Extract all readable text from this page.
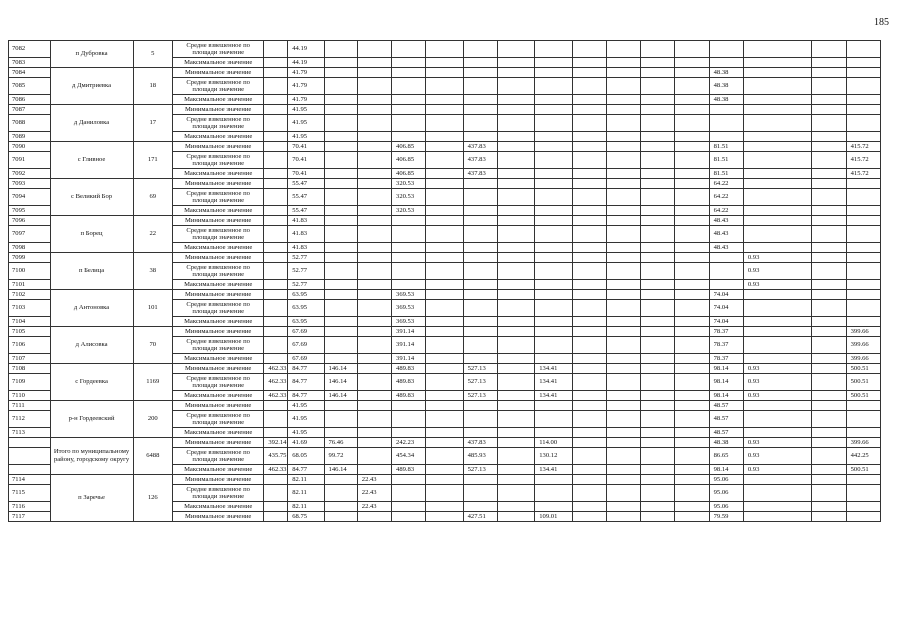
185
7082	п Дубровка	5	Средне взвешенное по площади значение		44.19															
7083			Максимальное значение		44.19															
7084	д Дмитриевка	18	Минимальное значение		41.79												48.38			
7085			Средне взвешенное по площади значение		41.79												48.38			
7086			Максимальное значение		41.79												48.38			
7087	д Даниловка	17	Минимальное значение		41.95															
7088			Средне взвешенное по площади значение		41.95															
7089			Максимальное значение		41.95															
7090	с Гливное	171	Минимальное значение		70.41			406.85		437.83							81.51			415.72
7091			Средне взвешенное по площади значение		70.41			406.85		437.83							81.51			415.72
7092			Максимальное значение		70.41			406.85		437.83							81.51			415.72
7093	с Великий Бор	69	Минимальное значение		55.47			320.53									64.22			
7094			Средне взвешенное по площади значение		55.47			320.53									64.22			
7095			Максимальное значение		55.47			320.53									64.22			
7096	п Борец	22	Минимальное значение		41.83												48.43			
7097			Средне взвешенное по площади значение		41.83												48.43			
7098			Максимальное значение		41.83												48.43			
7099	п Белица	38	Минимальное значение		52.77													0.93		
7100			Средне взвешенное по площади значение		52.77													0.93		
7101			Максимальное значение		52.77													0.93		
7102	д Антоновка	101	Минимальное значение		63.95			369.53									74.04			
7103			Средне взвешенное по площади значение		63.95			369.53									74.04			
7104			Максимальное значение		63.95			369.53									74.04			
7105	д Алисовка	70	Минимальное значение		67.69			391.14									78.37			399.66
7106			Средне взвешенное по площади значение		67.69			391.14									78.37			399.66
7107			Максимальное значение		67.69			391.14									78.37			399.66
7108	с Гордеевка	1169	Минимальное значение	462.33	84.77	146.14		489.83		527.13		134.41					98.14	0.93		500.51
7109			Средне взвешенное по площади значение	462.33	84.77	146.14		489.83		527.13		134.41					98.14	0.93		500.51
7110			Максимальное значение	462.33	84.77	146.14		489.83		527.13		134.41					98.14	0.93		500.51
7111	р-н Гордеевский	200	Минимальное значение		41.95												48.57			
7112			Средне взвешенное по площади значение		41.95												48.57			
7113			Максимальное значение		41.95												48.57			
	Итого по муниципальному району, городскому округу	6488	Минимальное значение	392.14	41.69	76.46		242.23		437.83		114.00					48.38	0.93		399.66
			Средне взвешенное по площади значение	435.75	68.05	99.72		454.34		485.93		130.12					86.65	0.93		442.25
			Максимальное значение	462.33	84.77	146.14		489.83		527.13		134.41					98.14	0.93		500.51
7114	п Заречье	126	Минимальное значение		82.11		22.43										95.06			
7115			Средне взвешенное по площади значение		82.11		22.43										95.06			
7116			Максимальное значение		82.11		22.43										95.06			
7117			Минимальное значение		68.75					427.51		109.01					79.59			
